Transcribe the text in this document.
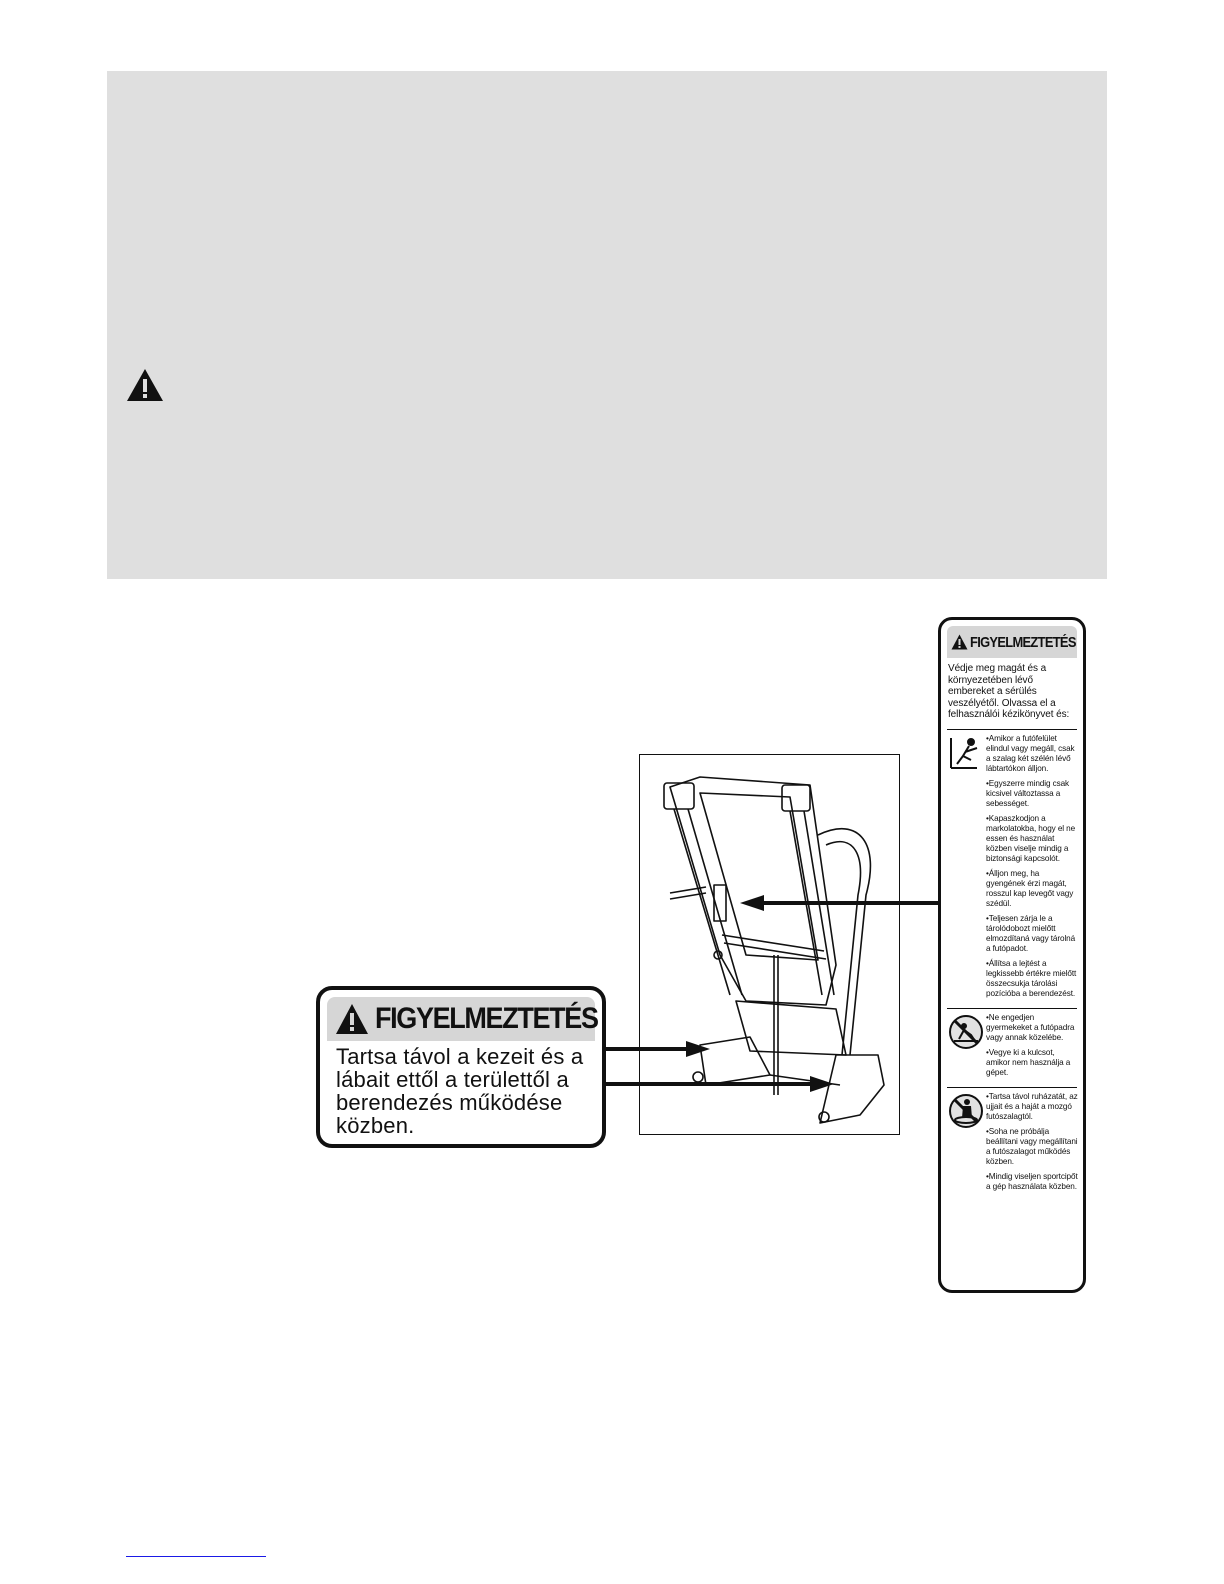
FIGYELMEZTETÉS
Tartsa távol a kezeit és a
lábait ettől a területtől a
berendezés működése
közben.
FIGYELMEZTETÉS
Védje meg magát és a környezetében lévő embereket a sérülés veszélyétől. Olvassa el a felhasználói kézikönyvet és:
•Amikor a futófelület elindul vagy megáll, csak a szalag két szélén lévő lábtartókon álljon.
•Egyszerre mindig csak kicsivel változtassa a sebességet.
•Kapaszkodjon a markolatokba, hogy el ne essen és használat közben viselje mindig a biztonsági kapcsolót.
•Álljon meg, ha gyengének érzi magát, rosszul kap levegőt vagy szédül.
•Teljesen zárja le a tárolódobozt mielőtt elmozdítaná vagy tárolná a futópadot.
•Állítsa a lejtést a legkissebb értékre mielőtt összecsukja tárolási pozícióba a berendezést.
•Ne engedjen gyermekeket a futópadra vagy annak közelébe.
•Vegye ki a kulcsot, amikor nem használja a gépet.
•Tartsa távol ruházatát, az ujjait és a haját a mozgó futószalagtól.
•Soha ne próbálja beállítani vagy megállítani a futószalagot működés közben.
•Mindig viseljen sportcipőt a gép használata közben.
